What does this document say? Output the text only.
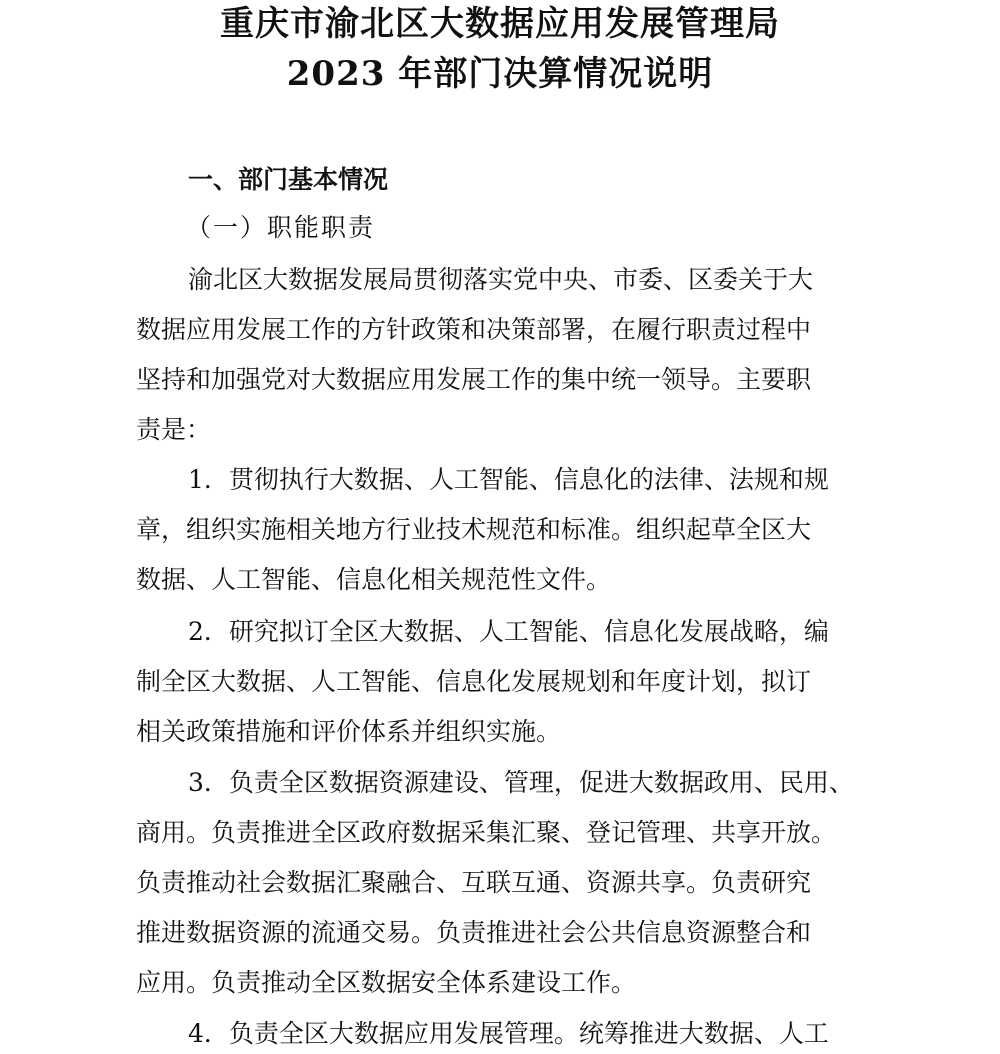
重庆市渝北区大数据应用发展管理局
2023 年部门决算情况说明
一、部门基本情况
（一）职能职责
渝北区大数据发展局贯彻落实党中央、市委、区委关于大
数据应用发展工作的方针政策和决策部署，在履行职责过程中
坚持和加强党对大数据应用发展工作的集中统一领导。主要职
责是：
1．贯彻执行大数据、人工智能、信息化的法律、法规和规
章，组织实施相关地方行业技术规范和标准。组织起草全区大
数据、人工智能、信息化相关规范性文件。
2．研究拟订全区大数据、人工智能、信息化发展战略，编
制全区大数据、人工智能、信息化发展规划和年度计划，拟订
相关政策措施和评价体系并组织实施。
3．负责全区数据资源建设、管理，促进大数据政用、民用、
商用。负责推进全区政府数据采集汇聚、登记管理、共享开放。
负责推动社会数据汇聚融合、互联互通、资源共享。负责研究
推进数据资源的流通交易。负责推进社会公共信息资源整合和
应用。负责推动全区数据安全体系建设工作。
4．负责全区大数据应用发展管理。统筹推进大数据、人工
